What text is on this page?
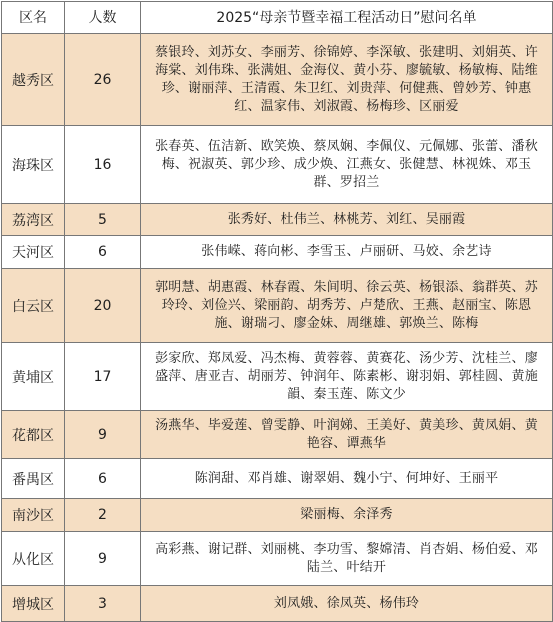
区名	人数	2025“母亲节暨幸福工程活动日”慰问名单
越秀区	26	蔡银玲、刘苏女、李丽芳、徐锦婷、李深敏、张建明、刘娟英、许海棠、刘伟珠、张满姐、金海仪、黄小芬、廖毓敏、杨敏梅、陆维珍、谢丽萍、王清霞、朱卫红、刘贵萍、何健燕、曾妙芳、钟惠红、温家伟、刘淑霞、杨梅珍、区丽爱
海珠区	16	张春英、伍洁新、欧笑焕、蔡凤娴、李佩仪、元佩娜、张蕾、潘秋梅、祝淑英、郭少珍、成少焕、江燕女、张健慧、林视姝、邓玉群、罗招兰
荔湾区	5	张秀好、杜伟兰、林桃芳、刘红、吴丽霞
天河区	6	张伟嵘、蒋向彬、李雪玉、卢丽研、马姣、余艺诗
白云区	20	郭明慧、胡惠霞、林春霞、朱间明、徐云英、杨银添、翁群英、苏玲玲、刘俭兴、梁丽韵、胡秀芳、卢楚欣、王燕、赵丽宝、陈恩施、谢瑞刁、廖金妹、周继雄、郭焕兰、陈梅
黄埔区	17	彭家欣、郑凤爱、冯杰梅、黄蓉蓉、黄赛花、汤少芳、沈桂兰、廖盛萍、唐亚吉、胡丽芳、钟润年、陈素彬、谢羽娟、郭桂圆、黄施韻、秦玉莲、陈文少
花都区	9	汤燕华、毕爱莲、曾雯静、叶润娣、王美好、黄美珍、黄凤娟、黄艳容、谭燕华
番禺区	6	陈润甜、邓肖雄、谢翠娟、魏小宁、何坤好、王丽平
南沙区	2	梁丽梅、余泽秀
从化区	9	高彩燕、谢记群、刘丽桃、李功雪、黎嫦清、肖杏娟、杨伯爱、邓陆兰、叶结开
增城区	3	刘凤娥、徐凤英、杨伟玲
